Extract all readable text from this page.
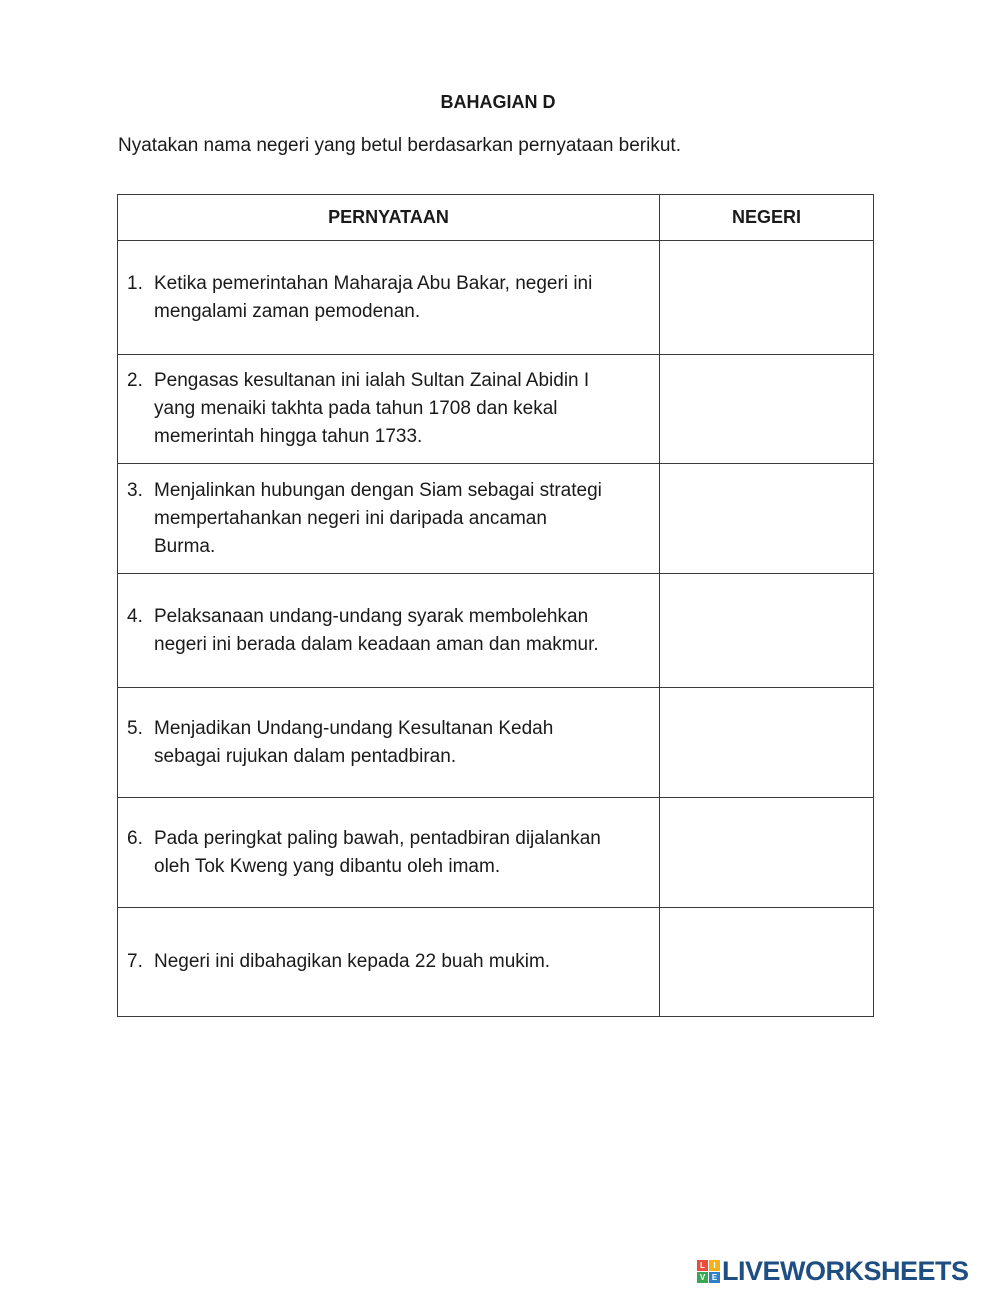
BAHAGIAN D
Nyatakan nama negeri yang betul berdasarkan pernyataan berikut.
PERNYATAAN	NEGERI

1. Ketika pemerintahan Maharaja Abu Bakar, negeri ini
mengalami zaman pemodenan.

2. Pengasas kesultanan ini ialah Sultan Zainal Abidin I
yang menaiki takhta pada tahun 1708 dan kekal
memerintah hingga tahun 1733.

3. Menjalinkan hubungan dengan Siam sebagai strategi
mempertahankan negeri ini daripada ancaman
Burma.

4. Pelaksanaan undang-undang syarak membolehkan
negeri ini berada dalam keadaan aman dan makmur.

5. Menjadikan Undang-undang Kesultanan Kedah
sebagai rujukan dalam pentadbiran.

6. Pada peringkat paling bawah, pentadbiran dijalankan
oleh Tok Kweng yang dibantu oleh imam.

7. Negeri ini dibahagikan kepada 22 buah mukim.

L	I
V E LIVEWORKSHEETS
